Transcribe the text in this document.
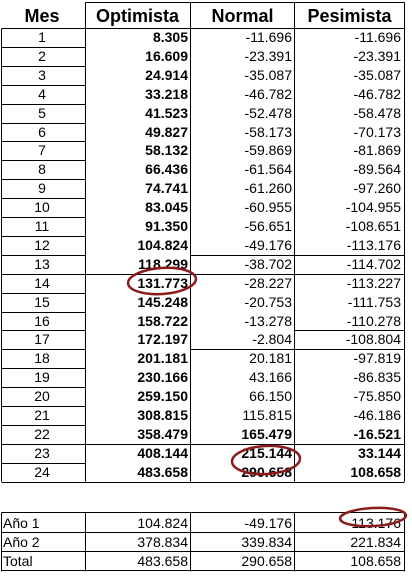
Mes	Optimista	Normal	Pesimista
1	8.305	-11.696	-11.696
2	16.609	-23.391	-23.391
3	24.914	-35.087	-35.087
4	33.218	-46.782	-46.782
5	41.523	-52.478	-58.478
6	49.827	-58.173	-70.173
7	58.132	-59.869	-81.869
8	66.436	-61.564	-89.564
9	74.741	-61.260	-97.260
10	83.045	-60.955	-104.955
11	91.350	-56.651	-108.651
12	104.824	-49.176	-113.176
13	118.299	-38.702	-114.702
14	131.773	-28.227	-113.227
15	145.248	-20.753	-111.753
16	158.722	-13.278	-110.278
17	172.197	-2.804	-108.804
18	201.181	20.181	-97.819
19	230.166	43.166	-86.835
20	259.150	66.150	-75.850
21	308.815	115.815	-46.186
22	358.479	165.479	-16.521
23	408.144	215.144	33.144
24	483.658	290.658	108.658
Año 1	104.824	-49.176	-113.176
Año 2	378.834	339.834	221.834
Total	483.658	290.658	108.658
